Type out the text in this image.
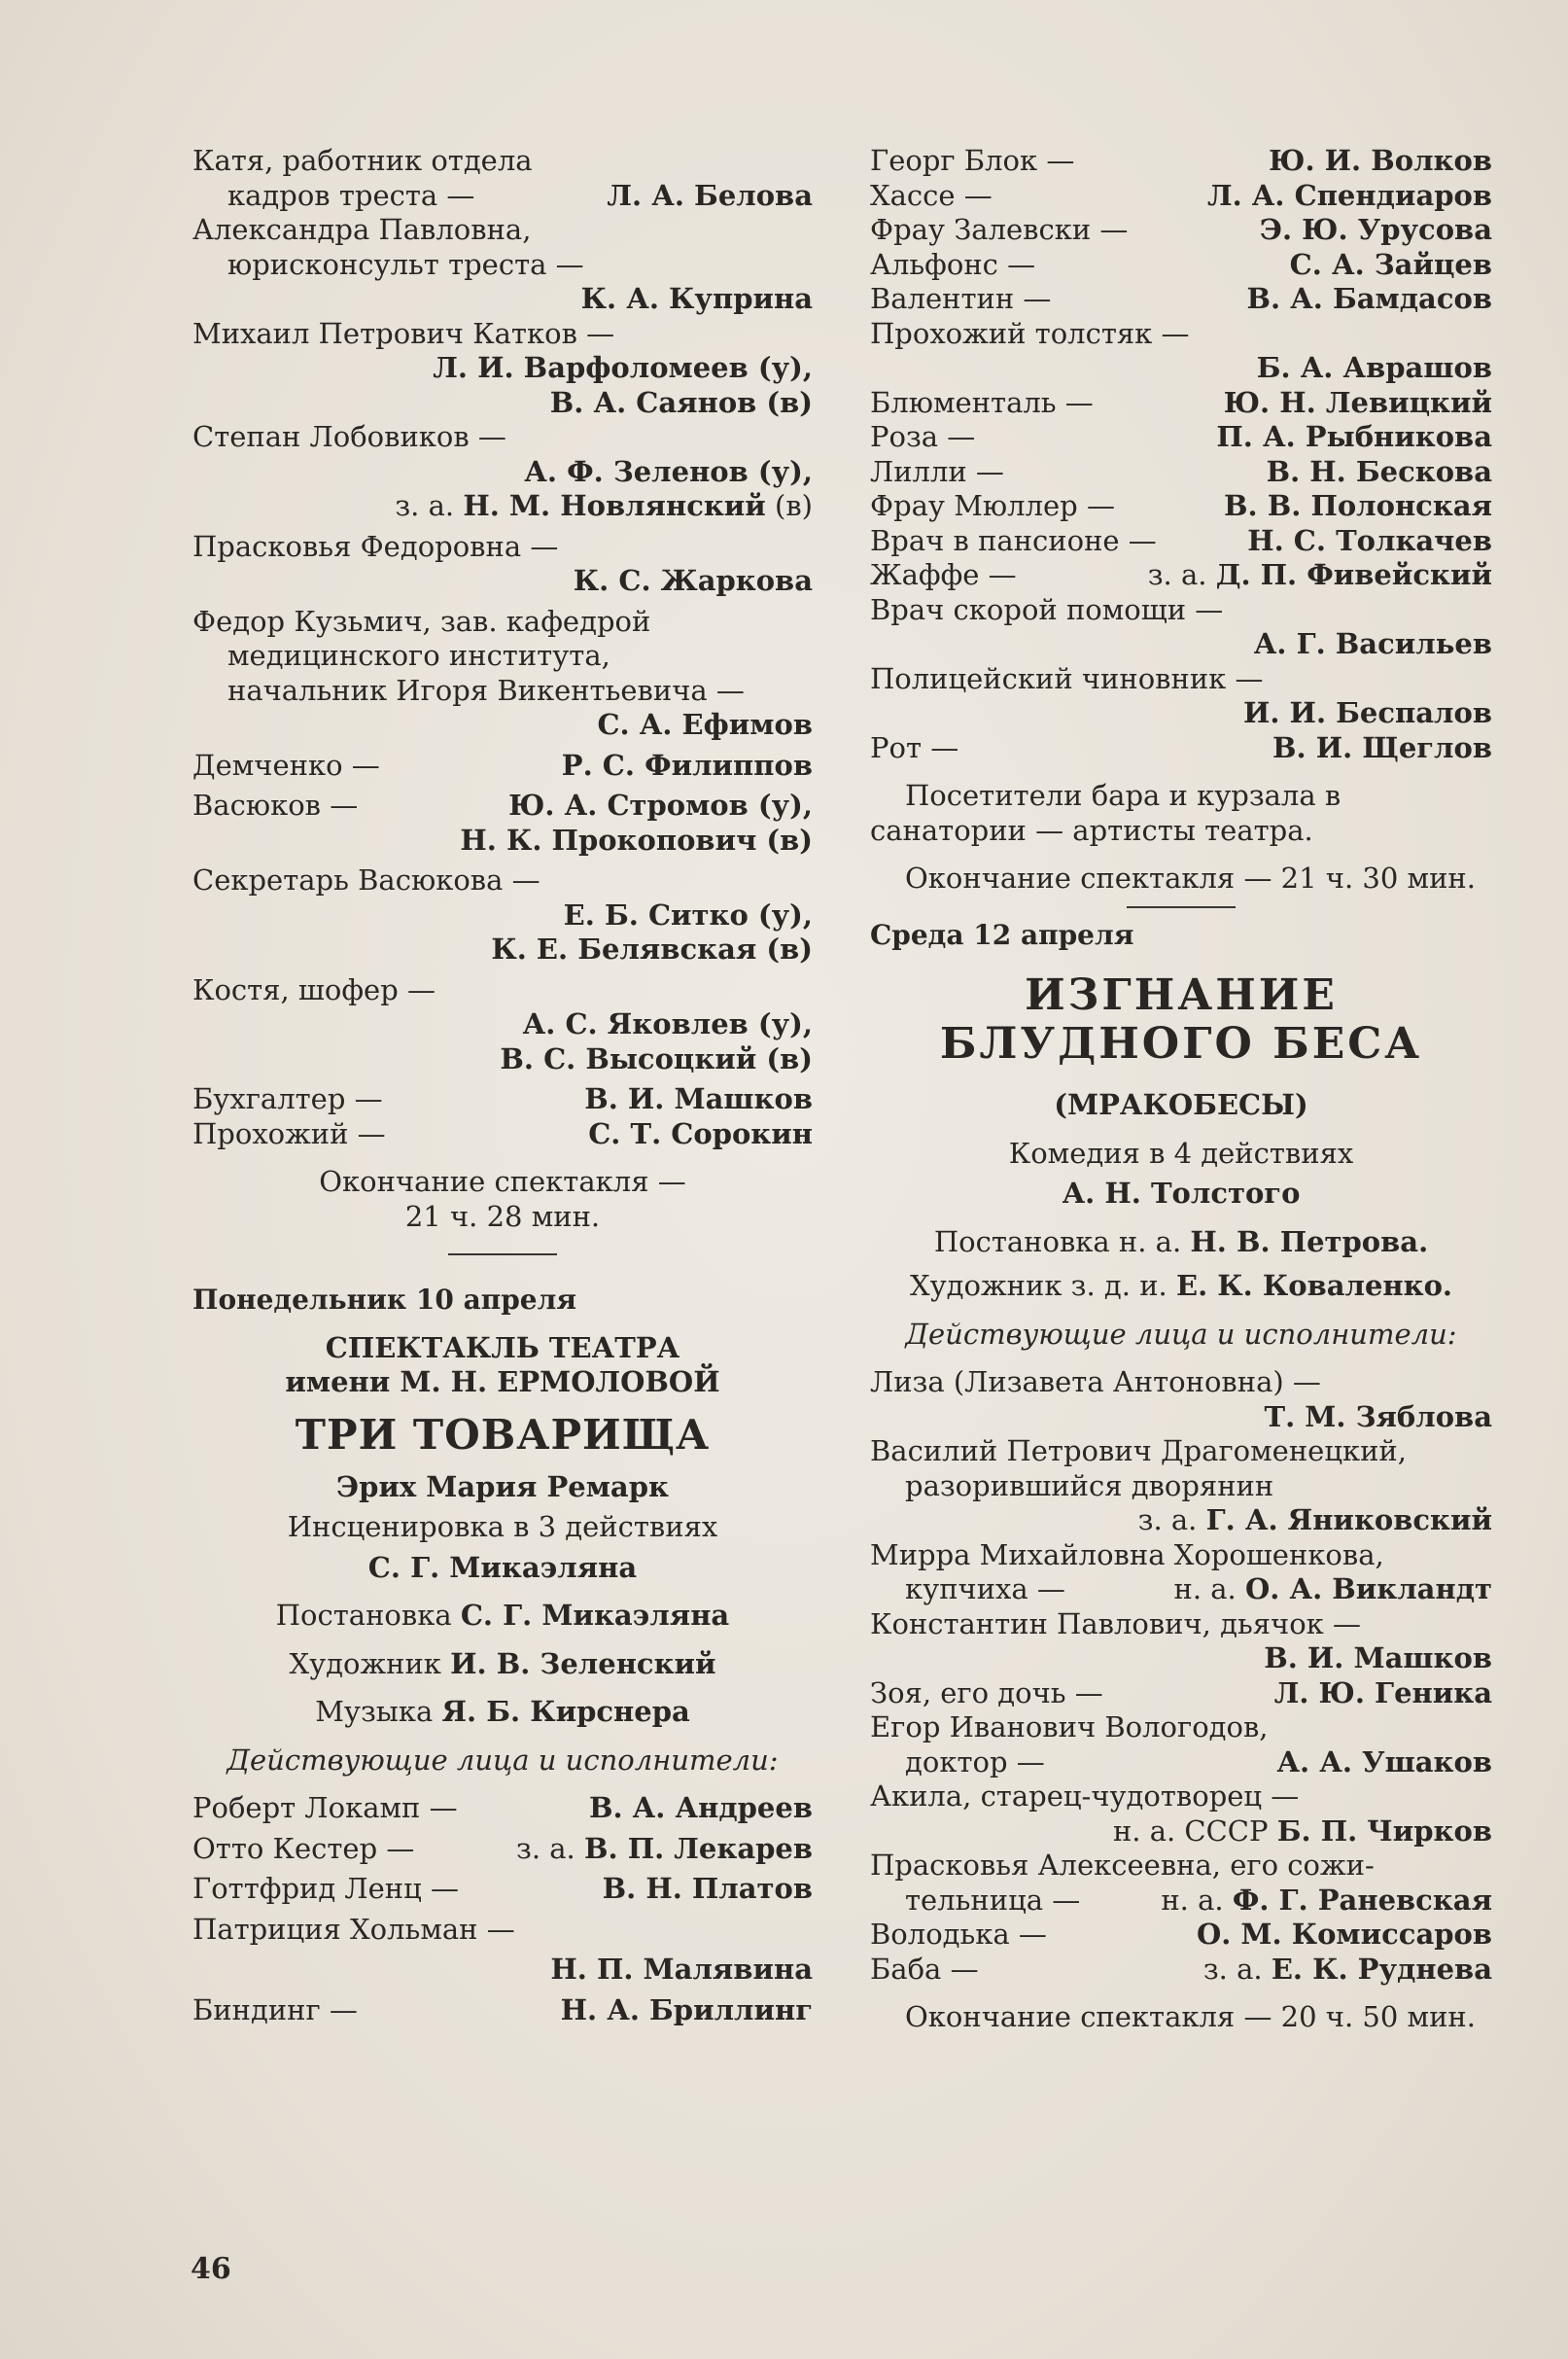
Катя, работник отдела
кадров треста —	Л. А. Белова
Александра Павловна,
юрисконсульт треста —
К. А. Куприна
Михаил Петрович Катков —
Л. И. Варфоломеев (у),
В. А. Саянов (в)
Степан Лобовиков —
А. Ф. Зеленов (у),
з. а. Н. М. Новлянский (в)
Прасковья Федоровна —
К. С. Жаркова
Федор Кузьмич, зав. кафедрой
медицинского института,
начальник Игоря Викентьевича —
С. А. Ефимов
Демченко —	Р. С. Филиппов
Васюков —	Ю. А. Стромов (у),
Н. К. Прокопович (в)
Секретарь Васюкова —
Е. Б. Ситко (у),
К. Е. Белявская (в)
Костя, шофер —
А. С. Яковлев (у),
В. С. Высоцкий (в)
Бухгалтер —	В. И. Машков
Прохожий —	С. Т. Сорокин
Окончание спектакля —
21 ч. 28 мин.
Понедельник 10 апреля
СПЕКТАКЛЬ ТЕАТРА
имени М. Н. ЕРМОЛОВОЙ
ТРИ ТОВАРИЩА
Эрих Мария Ремарк
Инсценировка в 3 действиях
С. Г. Микаэляна
Постановка С. Г. Микаэляна
Художник И. В. Зеленский
Музыка Я. Б. Кирснера
Действующие лица и исполнители:
Роберт Локамп —	В. А. Андреев
Отто Кестер —	з. а. В. П. Лекарев
Готтфрид Ленц —	В. Н. Платов
Патриция Хольман —
Н. П. Малявина
Биндинг —	Н. А. Бриллинг
46
Георг Блок —	Ю. И. Волков
Хассе —	Л. А. Спендиаров
Фрау Залевски —	Э. Ю. Урусова
Альфонс —	С. А. Зайцев
Валентин —	В. А. Бамдасов
Прохожий толстяк —
Б. А. Аврашов
Блюменталь —	Ю. Н. Левицкий
Роза —	П. А. Рыбникова
Лилли —	В. Н. Бескова
Фрау Мюллер —	В. В. Полонская
Врач в пансионе —	Н. С. Толкачев
Жаффе —	з. а. Д. П. Фивейский
Врач скорой помощи —
А. Г. Васильев
Полицейский чиновник —
И. И. Беспалов
Рот —	В. И. Щеглов
Посетители бара и курзала в санатории — артисты театра.
Окончание спектакля — 21 ч. 30 мин.
Среда 12 апреля
ИЗГНАНИЕ
БЛУДНОГО БЕСА
(МРАКОБЕСЫ)
Комедия в 4 действиях
А. Н. Толстого
Постановка н. а. Н. В. Петрова.
Художник з. д. и. Е. К. Коваленко.
Действующие лица и исполнители:
Лиза (Лизавета Антоновна) —
Т. М. Зяблова
Василий Петрович Драгоменецкий,
разорившийся дворянин
з. а. Г. А. Яниковский
Мирра Михайловна Хорошенкова,
купчиха —	н. а. О. А. Викландт
Константин Павлович, дьячок —
В. И. Машков
Зоя, его дочь —	Л. Ю. Геника
Егор Иванович Вологодов,
доктор —	А. А. Ушаков
Акила, старец-чудотворец —
н. а. СССР Б. П. Чирков
Прасковья Алексеевна, его сожи-
тельница —	н. а. Ф. Г. Раневская
Володька —	О. М. Комиссаров
Баба —	з. а. Е. К. Руднева
Окончание спектакля — 20 ч. 50 мин.
